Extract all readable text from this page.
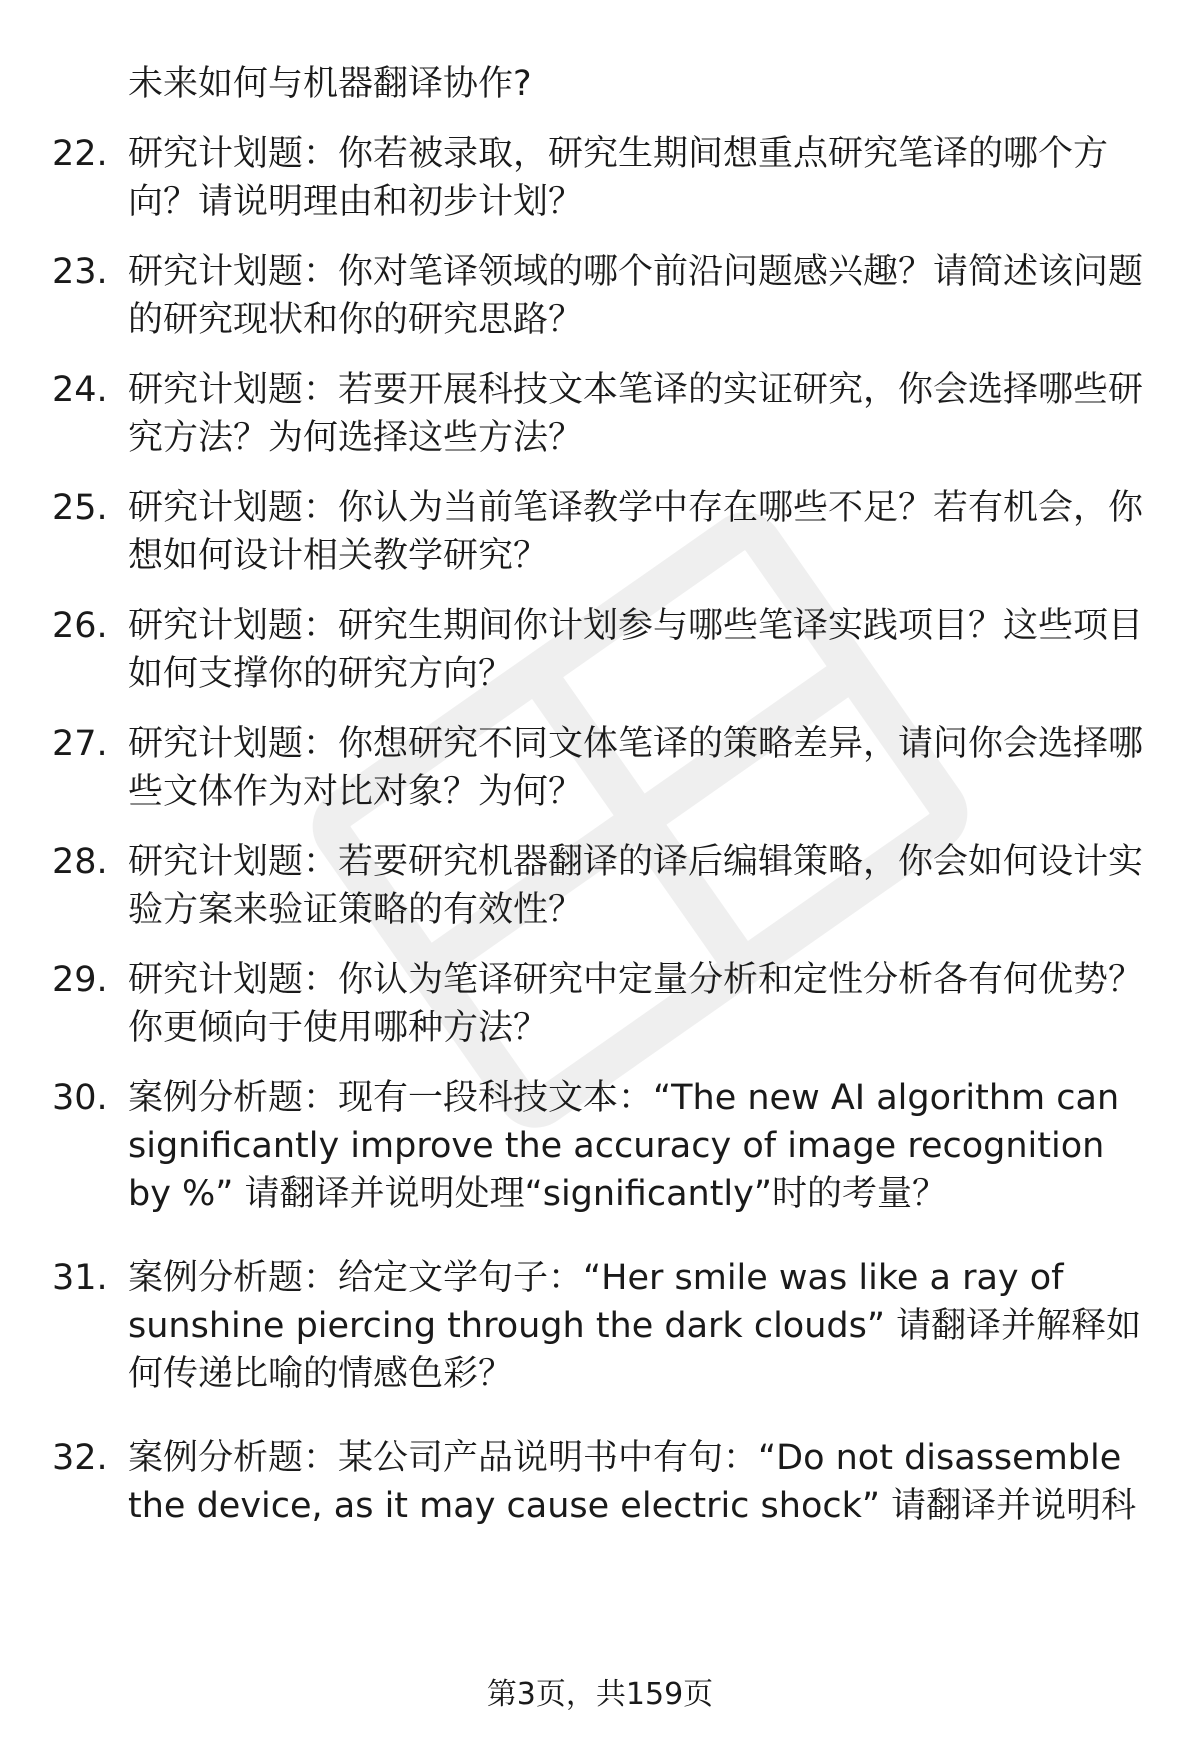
未来如何与机器翻译协作?
22. 研究计划题：你若被录取，研究生期间想重点研究笔译的哪个方向？请说明理由和初步计划？
23. 研究计划题：你对笔译领域的哪个前沿问题感兴趣？请简述该问题的研究现状和你的研究思路？
24. 研究计划题：若要开展科技文本笔译的实证研究，你会选择哪些研究方法？为何选择这些方法？
25. 研究计划题：你认为当前笔译教学中存在哪些不足？若有机会，你想如何设计相关教学研究？
26. 研究计划题：研究生期间你计划参与哪些笔译实践项目？这些项目如何支撑你的研究方向？
27. 研究计划题：你想研究不同文体笔译的策略差异，请问你会选择哪些文体作为对比对象？为何？
28. 研究计划题：若要研究机器翻译的译后编辑策略，你会如何设计实验方案来验证策略的有效性？
29. 研究计划题：你认为笔译研究中定量分析和定性分析各有何优势？你更倾向于使用哪种方法？
30. 案例分析题：现有一段科技文本：“The new AI algorithm can significantly improve the accuracy of image recognition by %” 请翻译并说明处理“significantly”时的考量？
31. 案例分析题：给定文学句子：“Her smile was like a ray of sunshine piercing through the dark clouds” 请翻译并解释如何传递比喻的情感色彩？
32. 案例分析题：某公司产品说明书中有句：“Do not disassemble the device, as it may cause electric shock” 请翻译并说明科
第3页，共159页
